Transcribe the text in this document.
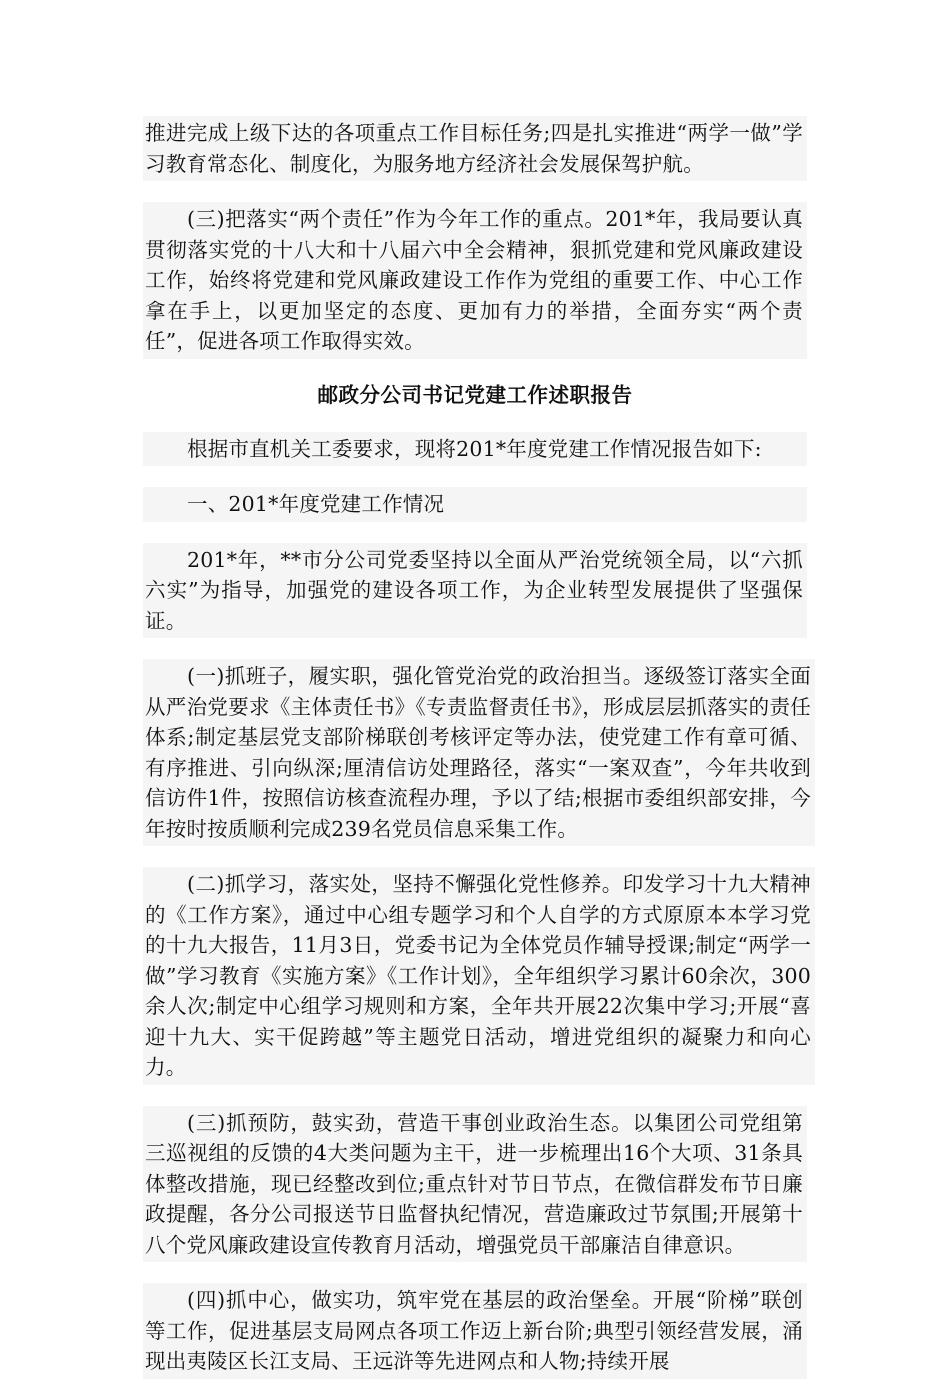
推进完成上级下达的各项重点工作目标任务;四是扎实推进“两学一做”学习教育常态化、制度化，为服务地方经济社会发展保驾护航。

(三)把落实“两个责任”作为今年工作的重点。201*年，我局要认真贯彻落实党的十八大和十八届六中全会精神，狠抓党建和党风廉政建设工作，始终将党建和党风廉政建设工作作为党组的重要工作、中心工作拿在手上，以更加坚定的态度、更加有力的举措，全面夯实“两个责任”，促进各项工作取得实效。

邮政分公司书记党建工作述职报告

根据市直机关工委要求，现将201*年度党建工作情况报告如下:

一、201*年度党建工作情况

201*年，**市分公司党委坚持以全面从严治党统领全局，以“六抓六实”为指导，加强党的建设各项工作，为企业转型发展提供了坚强保证。

(一)抓班子，履实职，强化管党治党的政治担当。逐级签订落实全面从严治党要求《主体责任书》《专责监督责任书》，形成层层抓落实的责任体系;制定基层党支部阶梯联创考核评定等办法，使党建工作有章可循、有序推进、引向纵深;厘清信访处理路径，落实“一案双查”，今年共收到信访件1件，按照信访核查流程办理，予以了结;根据市委组织部安排，今年按时按质顺利完成239名党员信息采集工作。

(二)抓学习，落实处，坚持不懈强化党性修养。印发学习十九大精神的《工作方案》，通过中心组专题学习和个人自学的方式原原本本学习党的十九大报告，11月3日，党委书记为全体党员作辅导授课;制定“两学一做”学习教育《实施方案》《工作计划》，全年组织学习累计60余次，300余人次;制定中心组学习规则和方案，全年共开展22次集中学习;开展“喜迎十九大、实干促跨越”等主题党日活动，增进党组织的凝聚力和向心力。

(三)抓预防，鼓实劲，营造干事创业政治生态。以集团公司党组第三巡视组的反馈的4大类问题为主干，进一步梳理出16个大项、31条具体整改措施，现已经整改到位;重点针对节日节点，在微信群发布节日廉政提醒，各分公司报送节日监督执纪情况，营造廉政过节氛围;开展第十八个党风廉政建设宣传教育月活动，增强党员干部廉洁自律意识。

(四)抓中心，做实功，筑牢党在基层的政治堡垒。开展“阶梯”联创等工作，促进基层支局网点各项工作迈上新台阶;典型引领经营发展，涌现出夷陵区长江支局、王远浒等先进网点和人物;持续开展
